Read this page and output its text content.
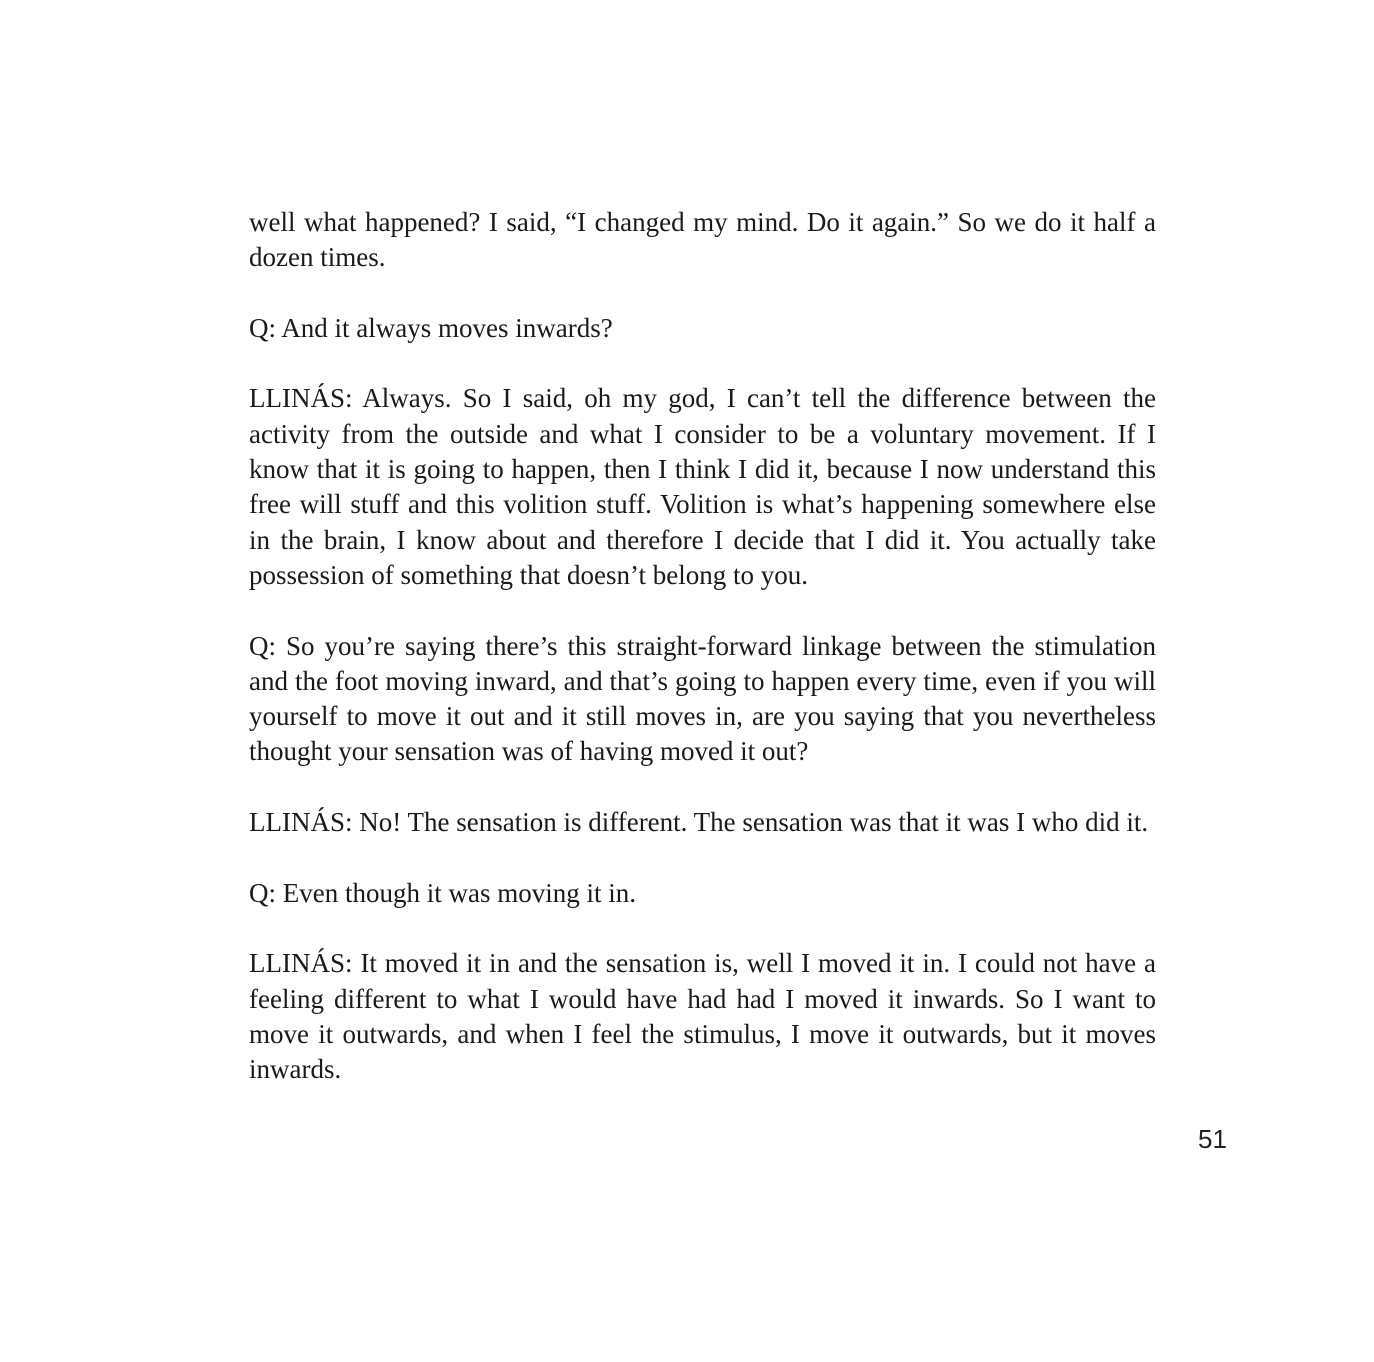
well what happened? I said, “I changed my mind. Do it again.” So we do it half a dozen times.

Q: And it always moves inwards?

LLINÁS: Always. So I said, oh my god, I can’t tell the difference between the activity from the outside and what I consider to be a voluntary movement. If I know that it is going to happen, then I think I did it, because I now understand this free will stuff and this volition stuff. Volition is what’s happening somewhere else in the brain, I know about and therefore I decide that I did it. You actually take possession of something that doesn’t belong to you.

Q: So you’re saying there’s this straight-forward linkage between the stimulation and the foot moving inward, and that’s going to happen every time, even if you will yourself to move it out and it still moves in, are you saying that you nevertheless thought your sensation was of having moved it out?

LLINÁS: No! The sensation is different. The sensation was that it was I who did it.

Q: Even though it was moving it in.

LLINÁS: It moved it in and the sensation is, well I moved it in. I could not have a feeling different to what I would have had had I moved it inwards. So I want to move it outwards, and when I feel the stimulus, I move it outwards, but it moves inwards.

51
